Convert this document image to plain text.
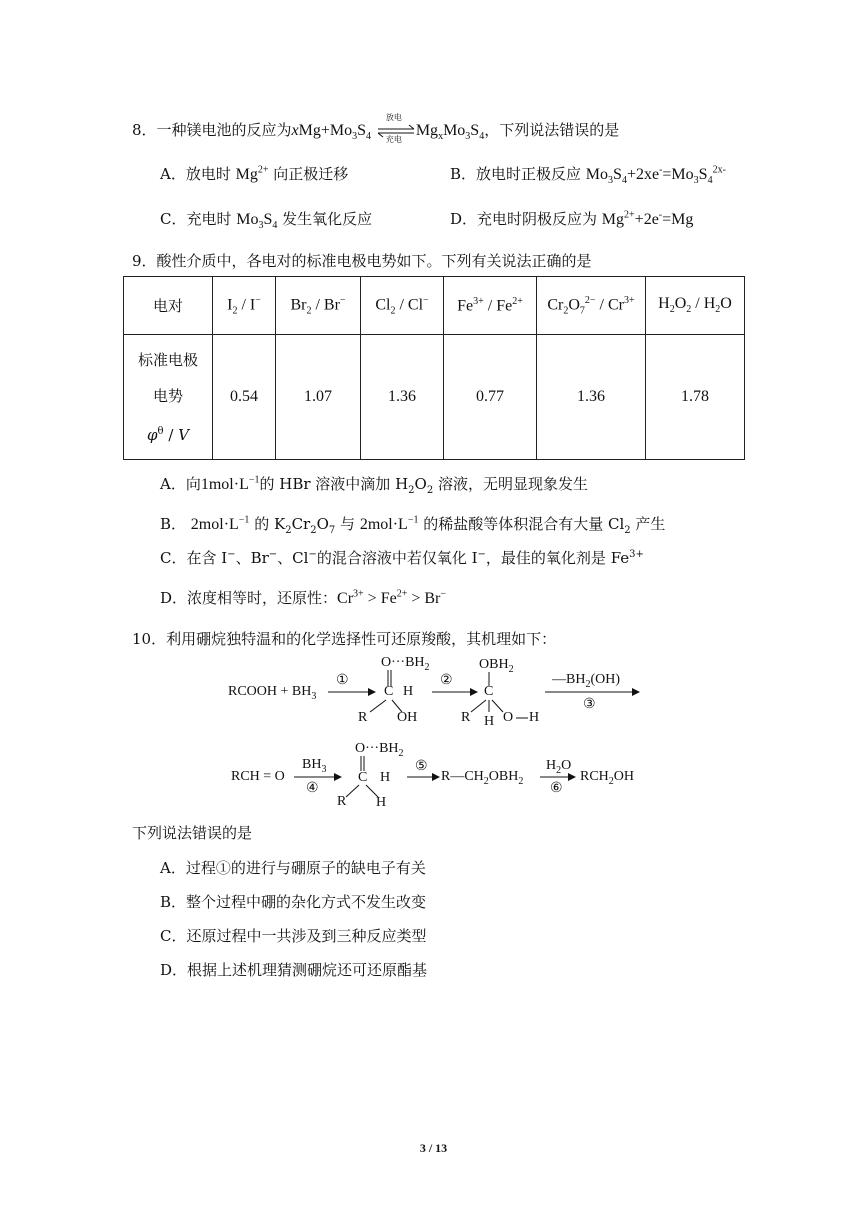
8．一种镁电池的反应为$xMg+Mo_3S_4$
放电
充电
$Mg_xMo_3S_4$，下列说法错误的是
A．放电时 $Mg^{2+}$ 向正极迁移	B．放电时正极反应 $Mo_3S_4+2xe^-=Mo_3S_4^{2x-}$
C．充电时 $Mo_3S_4$ 发生氧化反应	D．充电时阴极反应为 $Mg^{2+}+2e^-=Mg$
9．酸性介质中，各电对的标准电极电势如下。下列有关说法正确的是
电对	$I_2 / I^-$	$Br_2 / Br^-$	$Cl_2 / Cl^-$	$Fe^{3+} / Fe^{2+}$	$Cr_2O_7^{2-} / Cr^{3+}$	$H_2O_2 / H_2O$

标准电极
电势
$\varphi^\theta$ / V	0.54	1.07	1.36	0.77	1.36	1.78
A．向$1mol\cdot L^{-1}$的 HBr 溶液中滴加 $H_2O_2$ 溶液，无明显现象发生
B． $2mol\cdot L^{-1}$ 的 $K_2Cr_2O_7$ 与 $2mol\cdot L^{-1}$ 的稀盐酸等体积混合有大量 $Cl_2$ 产生
C．在含 I−、Br−、Cl−的混合溶液中若仅氧化 I−，最佳的氧化剂是 $Fe^{3+}$
D．浓度相等时，还原性：$Cr^{3+} > Fe^{2+} > Br^-$
10．利用硼烷独特温和的化学选择性可还原羧酸，其机理如下：
RCOOH + $BH_3$
①
$O\cdot\cdot\cdot BH_2$
C H
R OH
②
$OBH_2$
C
R H O H
$—BH_2(OH)$
③
RCH = O
$BH_3$
④
$O\cdot\cdot\cdot BH_2$
C H
R H
⑤
$R—CH_2OBH_2$
$H_2O$
⑥
$RCH_2OH$
下列说法错误的是
A．过程①的进行与硼原子的缺电子有关
B．整个过程中硼的杂化方式不发生改变
C．还原过程中一共涉及到三种反应类型
D．根据上述机理猜测硼烷还可还原酯基
3 / 13
